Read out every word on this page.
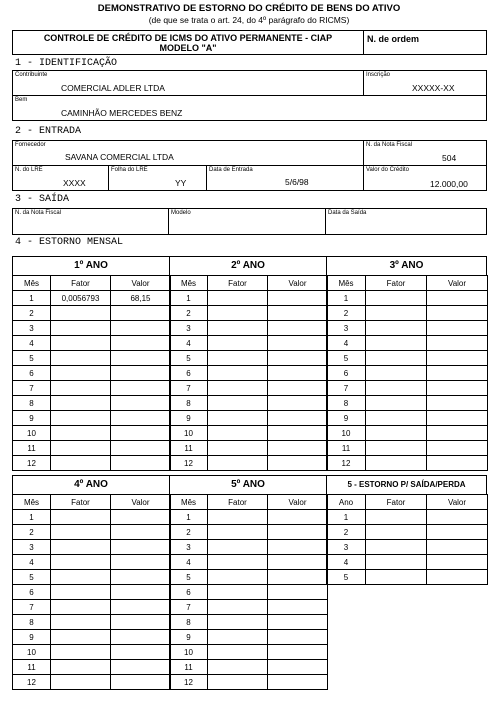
DEMONSTRATIVO DE ESTORNO DO CRÉDITO DE BENS DO ATIVO
(de que se trata o art. 24, do 4º parágrafo do RICMS)
CONTROLE DE CRÉDITO DE ICMS DO ATIVO PERMANENTE - CIAP
MODELO "A"
N. de ordem
1 - IDENTIFICAÇÃO
Contribuinte
COMERCIAL ADLER LTDA
Inscrição
XXXXX-XX
Bem
CAMINHÃO MERCEDES BENZ
2 - ENTRADA
Fornecedor
SAVANA COMERCIAL LTDA
N. da Nota Fiscal
504
N. do LRE
XXXX
Folha do LRE
YY
Data de Entrada
5/6/98
Valor do Crédito
12.000,00
3 - SAÍDA
N. da Nota Fiscal	Modelo	Data da Saída
4 - ESTORNO MENSAL
1º ANO
Mês	Fator	Valor
1	0,0056793	68,15
2		
3		
4		
5		
6		
7		
8		
9		
10		
11		
12		
2º ANO
Mês	Fator	Valor
1		
2		
3		
4		
5		
6		
7		
8		
9		
10		
11		
12		
3º ANO
Mês	Fator	Valor
1		
2		
3		
4		
5		
6		
7		
8		
9		
10		
11		
12		
4º ANO
Mês	Fator	Valor
1		
2		
3		
4		
5		
6		
7		
8		
9		
10		
11		
12		
5º ANO
Mês	Fator	Valor
1		
2		
3		
4		
5		
6		
7		
8		
9		
10		
11		
12		
Ano	Fator	Valor
1		
2		
3		
4		
5		
5 - ESTORNO P/ SAÍDA/PERDA
